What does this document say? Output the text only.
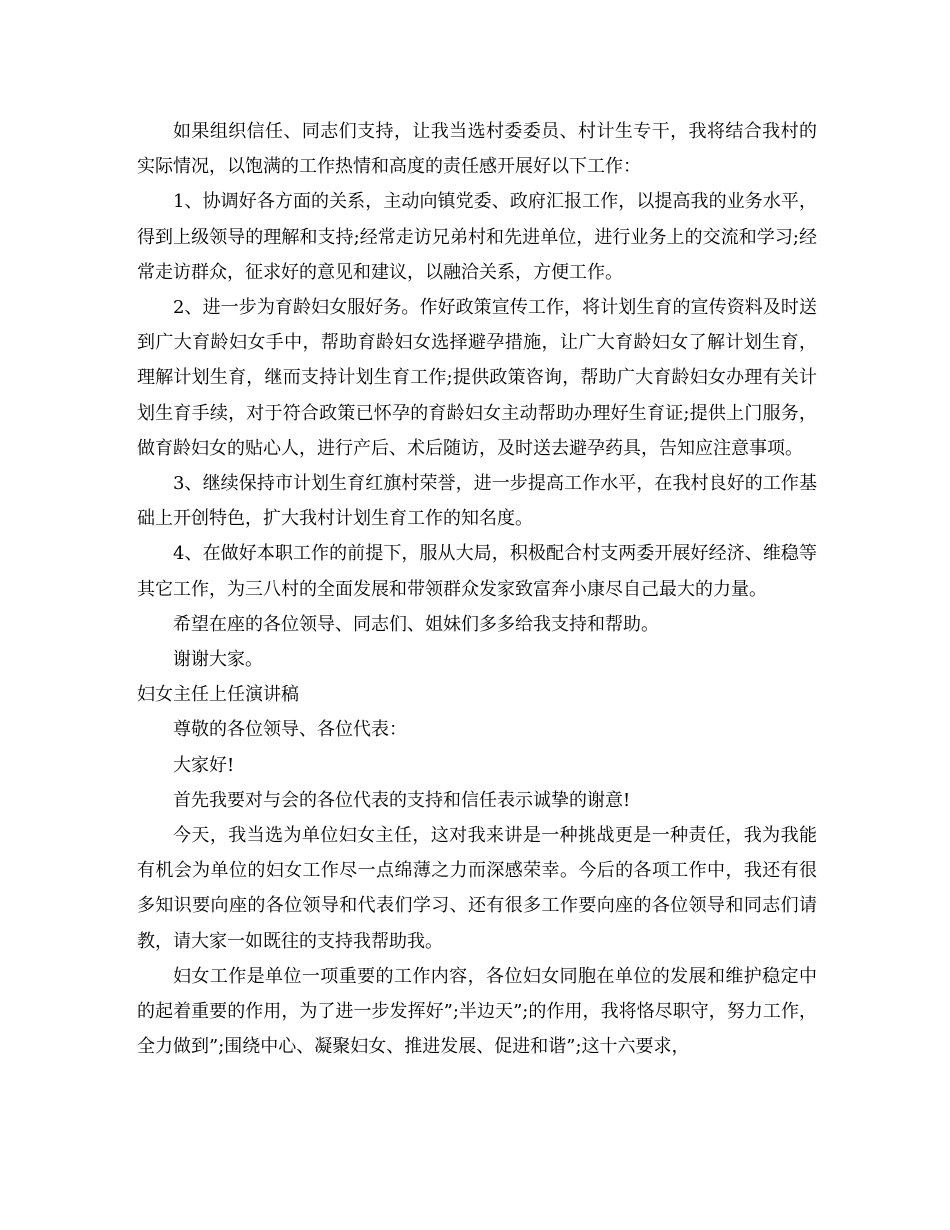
如果组织信任、同志们支持，让我当选村委委员、村计生专干，我将结合我村的实际情况，以饱满的工作热情和高度的责任感开展好以下工作：

1、协调好各方面的关系，主动向镇党委、政府汇报工作，以提高我的业务水平，得到上级领导的理解和支持;经常走访兄弟村和先进单位，进行业务上的交流和学习;经常走访群众，征求好的意见和建议，以融洽关系，方便工作。

2、进一步为育龄妇女服好务。作好政策宣传工作，将计划生育的宣传资料及时送到广大育龄妇女手中，帮助育龄妇女选择避孕措施，让广大育龄妇女了解计划生育，理解计划生育，继而支持计划生育工作;提供政策咨询，帮助广大育龄妇女办理有关计划生育手续，对于符合政策已怀孕的育龄妇女主动帮助办理好生育证;提供上门服务，做育龄妇女的贴心人，进行产后、术后随访，及时送去避孕药具，告知应注意事项。

3、继续保持市计划生育红旗村荣誉，进一步提高工作水平，在我村良好的工作基础上开创特色，扩大我村计划生育工作的知名度。

4、在做好本职工作的前提下，服从大局，积极配合村支两委开展好经济、维稳等其它工作，为三八村的全面发展和带领群众发家致富奔小康尽自己最大的力量。

希望在座的各位领导、同志们、姐妹们多多给我支持和帮助。

谢谢大家。

妇女主任上任演讲稿

尊敬的各位领导、各位代表：

大家好!

首先我要对与会的各位代表的支持和信任表示诚挚的谢意!

今天，我当选为单位妇女主任，这对我来讲是一种挑战更是一种责任，我为我能有机会为单位的妇女工作尽一点绵薄之力而深感荣幸。今后的各项工作中，我还有很多知识要向座的各位领导和代表们学习、还有很多工作要向座的各位领导和同志们请教，请大家一如既往的支持我帮助我。

妇女工作是单位一项重要的工作内容，各位妇女同胞在单位的发展和维护稳定中的起着重要的作用，为了进一步发挥好”;半边天”;的作用，我将恪尽职守，努力工作，全力做到”;围绕中心、凝聚妇女、推进发展、促进和谐”;这十六要求，
